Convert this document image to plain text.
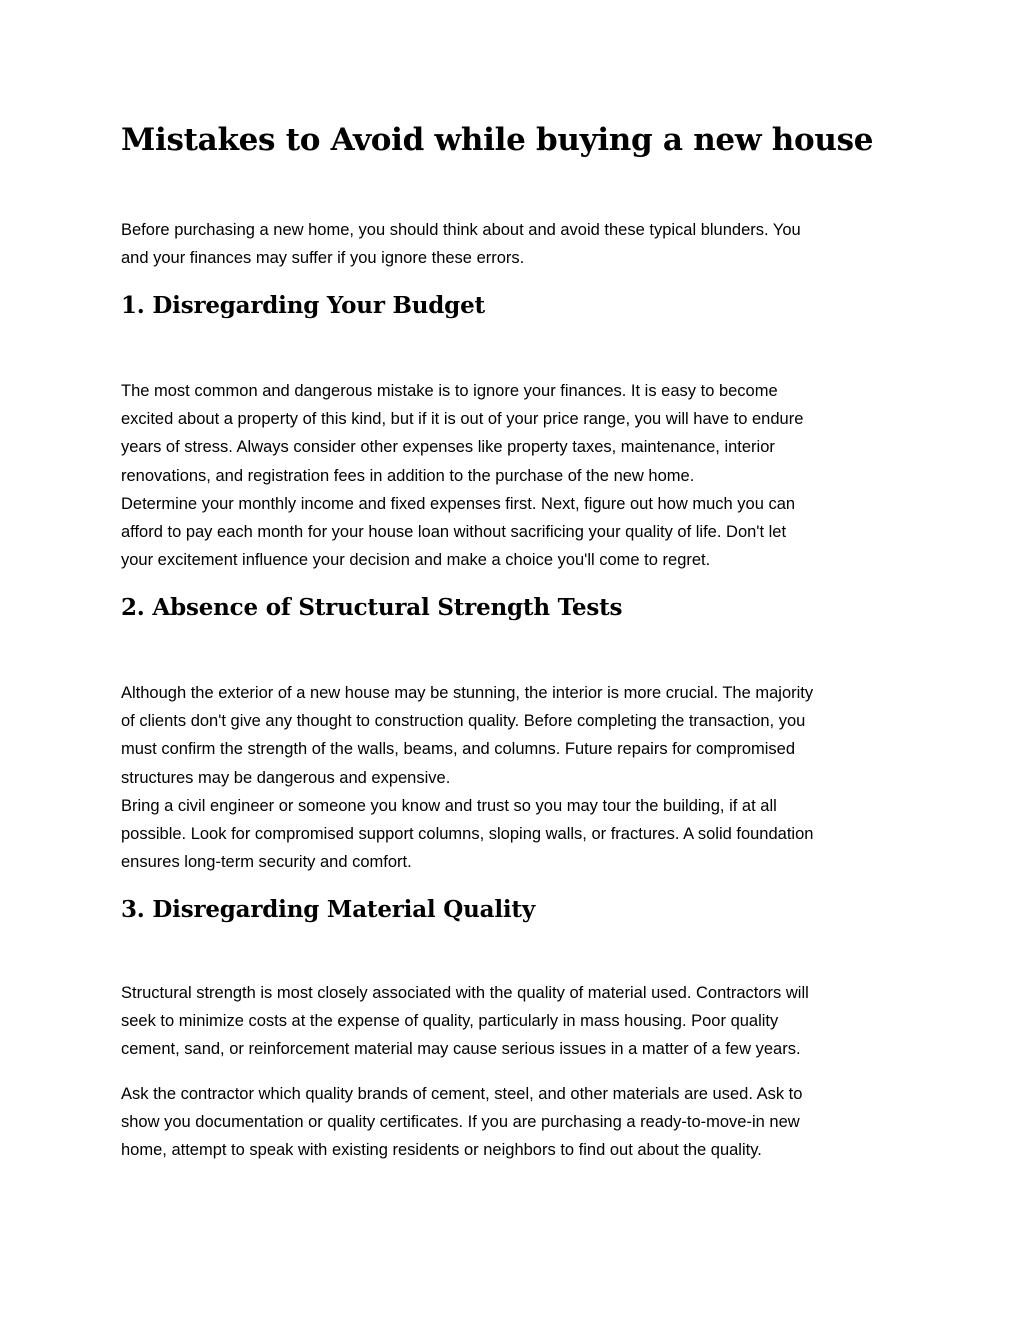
Mistakes to Avoid while buying a new house

Before purchasing a new home, you should think about and avoid these typical blunders. You
and your finances may suffer if you ignore these errors.

1. Disregarding Your Budget

The most common and dangerous mistake is to ignore your finances. It is easy to become
excited about a property of this kind, but if it is out of your price range, you will have to endure
years of stress. Always consider other expenses like property taxes, maintenance, interior
renovations, and registration fees in addition to the purchase of the new home.
Determine your monthly income and fixed expenses first. Next, figure out how much you can
afford to pay each month for your house loan without sacrificing your quality of life. Don't let
your excitement influence your decision and make a choice you'll come to regret.

2. Absence of Structural Strength Tests

Although the exterior of a new house may be stunning, the interior is more crucial. The majority
of clients don't give any thought to construction quality. Before completing the transaction, you
must confirm the strength of the walls, beams, and columns. Future repairs for compromised
structures may be dangerous and expensive.
Bring a civil engineer or someone you know and trust so you may tour the building, if at all
possible. Look for compromised support columns, sloping walls, or fractures. A solid foundation
ensures long-term security and comfort.

3. Disregarding Material Quality

Structural strength is most closely associated with the quality of material used. Contractors will
seek to minimize costs at the expense of quality, particularly in mass housing. Poor quality
cement, sand, or reinforcement material may cause serious issues in a matter of a few years.

Ask the contractor which quality brands of cement, steel, and other materials are used. Ask to
show you documentation or quality certificates. If you are purchasing a ready-to-move-in new
home, attempt to speak with existing residents or neighbors to find out about the quality.
